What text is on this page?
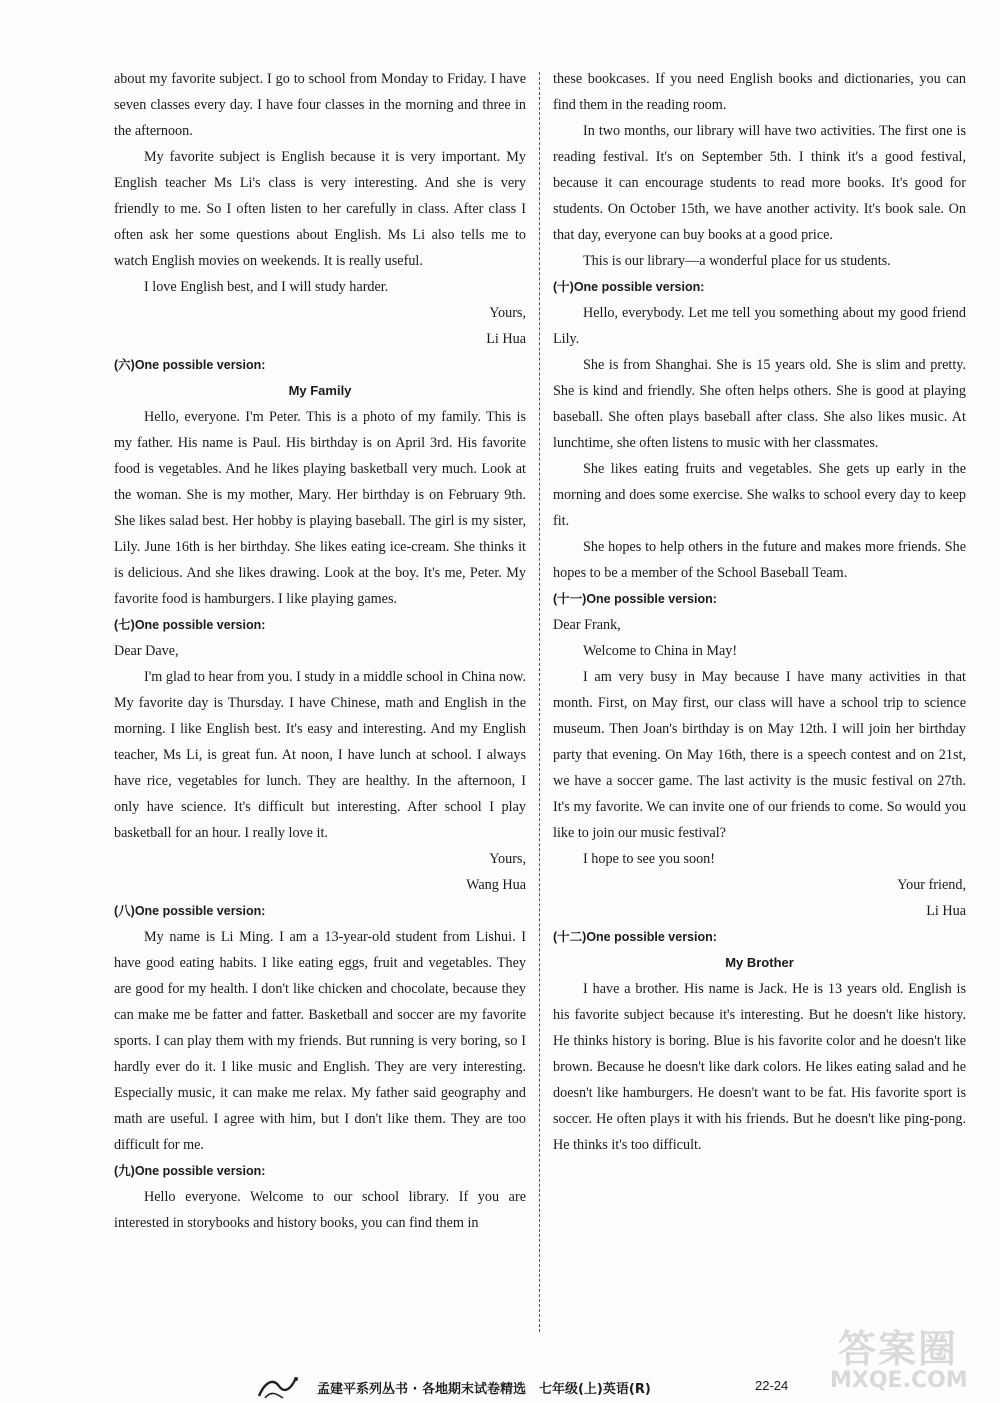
about my favorite subject. I go to school from Monday to Friday. I have seven classes every day. I have four classes in the morning and three in the afternoon.

My favorite subject is English because it is very important. My English teacher Ms Li's class is very interesting. And she is very friendly to me. So I often listen to her carefully in class. After class I often ask her some questions about English. Ms Li also tells me to watch English movies on weekends. It is really useful.

I love English best, and I will study harder.

Yours,

Li Hua

(六)One possible version:

My Family

Hello, everyone. I'm Peter. This is a photo of my family. This is my father. His name is Paul. His birthday is on April 3rd. His favorite food is vegetables. And he likes playing basketball very much. Look at the woman. She is my mother, Mary. Her birthday is on February 9th. She likes salad best. Her hobby is playing baseball. The girl is my sister, Lily. June 16th is her birthday. She likes eating ice-cream. She thinks it is delicious. And she likes drawing. Look at the boy. It's me, Peter. My favorite food is hamburgers. I like playing games.

(七)One possible version:

Dear Dave,

I'm glad to hear from you. I study in a middle school in China now. My favorite day is Thursday. I have Chinese, math and English in the morning. I like English best. It's easy and interesting. And my English teacher, Ms Li, is great fun. At noon, I have lunch at school. I always have rice, vegetables for lunch. They are healthy. In the afternoon, I only have science. It's difficult but interesting. After school I play basketball for an hour. I really love it.

Yours,

Wang Hua

(八)One possible version:

My name is Li Ming. I am a 13-year-old student from Lishui. I have good eating habits. I like eating eggs, fruit and vegetables. They are good for my health. I don't like chicken and chocolate, because they can make me be fatter and fatter. Basketball and soccer are my favorite sports. I can play them with my friends. But running is very boring, so I hardly ever do it. I like music and English. They are very interesting. Especially music, it can make me relax. My father said geography and math are useful. I agree with him, but I don't like them. They are too difficult for me.

(九)One possible version:

Hello everyone. Welcome to our school library. If you are interested in storybooks and history books, you can find them in

these bookcases. If you need English books and dictionaries, you can find them in the reading room.

In two months, our library will have two activities. The first one is reading festival. It's on September 5th. I think it's a good festival, because it can encourage students to read more books. It's good for students. On October 15th, we have another activity. It's book sale. On that day, everyone can buy books at a good price.

This is our library—a wonderful place for us students.

(十)One possible version:

Hello, everybody. Let me tell you something about my good friend Lily.

She is from Shanghai. She is 15 years old. She is slim and pretty. She is kind and friendly. She often helps others. She is good at playing baseball. She often plays baseball after class. She also likes music. At lunchtime, she often listens to music with her classmates.

She likes eating fruits and vegetables. She gets up early in the morning and does some exercise. She walks to school every day to keep fit.

She hopes to help others in the future and makes more friends. She hopes to be a member of the School Baseball Team.

(十一)One possible version:

Dear Frank,

Welcome to China in May!

I am very busy in May because I have many activities in that month. First, on May first, our class will have a school trip to science museum. Then Joan's birthday is on May 12th. I will join her birthday party that evening. On May 16th, there is a speech contest and on 21st, we have a soccer game. The last activity is the music festival on 27th. It's my favorite. We can invite one of our friends to come. So would you like to join our music festival?

I hope to see you soon!

Your friend,

Li Hua

(十二)One possible version:

My Brother

I have a brother. His name is Jack. He is 13 years old. English is his favorite subject because it's interesting. But he doesn't like history. He thinks history is boring. Blue is his favorite color and he doesn't like brown. Because he doesn't like dark colors. He likes eating salad and he doesn't like hamburgers. He doesn't want to be fat. His favorite sport is soccer. He often plays it with his friends. But he doesn't like ping-pong. He thinks it's too difficult.

孟建平系列丛书 · 各地期末试卷精选　七年级(上)英语(R)	22-24
答案圈
MXQE.COM
